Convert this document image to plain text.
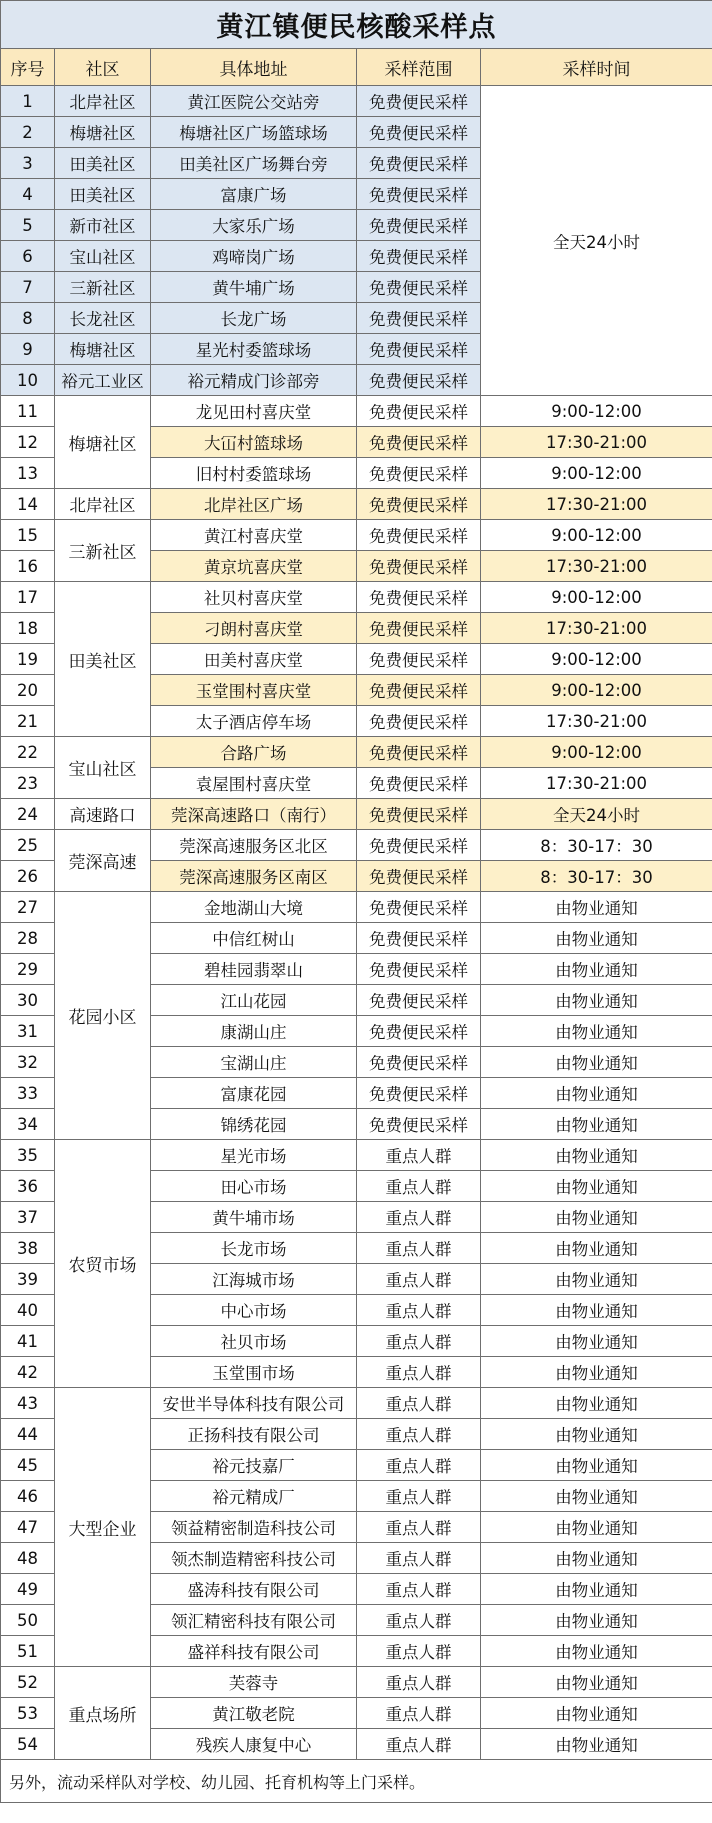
黄江镇便民核酸采样点				
序号	社区	具体地址	采样范围	采样时间
1	北岸社区	黄江医院公交站旁	免费便民采样	全天24小时
2	梅塘社区	梅塘社区广场篮球场	免费便民采样	
3	田美社区	田美社区广场舞台旁	免费便民采样	
4	田美社区	富康广场	免费便民采样	
5	新市社区	大家乐广场	免费便民采样	
6	宝山社区	鸡啼岗广场	免费便民采样	
7	三新社区	黄牛埔广场	免费便民采样	
8	长龙社区	长龙广场	免费便民采样	
9	梅塘社区	星光村委篮球场	免费便民采样	
10	裕元工业区	裕元精成门诊部旁	免费便民采样	
11	梅塘社区	龙见田村喜庆堂	免费便民采样	9:00-12:00
12		大冚村篮球场	免费便民采样	17:30-21:00
13		旧村村委篮球场	免费便民采样	9:00-12:00
14	北岸社区	北岸社区广场	免费便民采样	17:30-21:00
15	三新社区	黄江村喜庆堂	免费便民采样	9:00-12:00
16		黄京坑喜庆堂	免费便民采样	17:30-21:00
17	田美社区	社贝村喜庆堂	免费便民采样	9:00-12:00
18		刁朗村喜庆堂	免费便民采样	17:30-21:00
19		田美村喜庆堂	免费便民采样	9:00-12:00
20		玉堂围村喜庆堂	免费便民采样	9:00-12:00
21		太子酒店停车场	免费便民采样	17:30-21:00
22	宝山社区	合路广场	免费便民采样	9:00-12:00
23		袁屋围村喜庆堂	免费便民采样	17:30-21:00
24	高速路口	莞深高速路口（南行）	免费便民采样	全天24小时
25	莞深高速	莞深高速服务区北区	免费便民采样	8：30-17：30
26		莞深高速服务区南区	免费便民采样	8：30-17：30
27	花园小区	金地湖山大境	免费便民采样	由物业通知
28		中信红树山	免费便民采样	由物业通知
29		碧桂园翡翠山	免费便民采样	由物业通知
30		江山花园	免费便民采样	由物业通知
31		康湖山庄	免费便民采样	由物业通知
32		宝湖山庄	免费便民采样	由物业通知
33		富康花园	免费便民采样	由物业通知
34		锦绣花园	免费便民采样	由物业通知
35	农贸市场	星光市场	重点人群	由物业通知
36		田心市场	重点人群	由物业通知
37		黄牛埔市场	重点人群	由物业通知
38		长龙市场	重点人群	由物业通知
39		江海城市场	重点人群	由物业通知
40		中心市场	重点人群	由物业通知
41		社贝市场	重点人群	由物业通知
42		玉堂围市场	重点人群	由物业通知
43	大型企业	安世半导体科技有限公司	重点人群	由物业通知
44		正扬科技有限公司	重点人群	由物业通知
45		裕元技嘉厂	重点人群	由物业通知
46		裕元精成厂	重点人群	由物业通知
47		领益精密制造科技公司	重点人群	由物业通知
48		领杰制造精密科技公司	重点人群	由物业通知
49		盛涛科技有限公司	重点人群	由物业通知
50		领汇精密科技有限公司	重点人群	由物业通知
51		盛祥科技有限公司	重点人群	由物业通知
52	重点场所	芙蓉寺	重点人群	由物业通知
53		黄江敬老院	重点人群	由物业通知
54		残疾人康复中心	重点人群	由物业通知
另外，流动采样队对学校、幼儿园、托育机构等上门采样。				
